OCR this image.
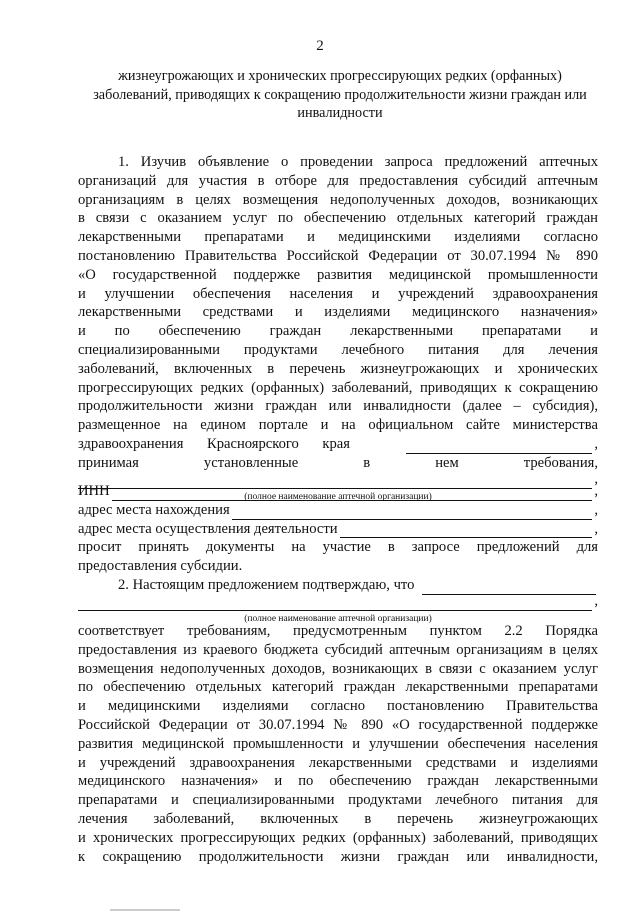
2
жизнеугрожающих и хронических прогрессирующих редких (орфанных)
заболеваний, приводящих к сокращению продолжительности жизни граждан или
инвалидности
1. Изучив объявление о проведении запроса предложений аптечных
организаций для участия в отборе для предоставления субсидий аптечным
организациям в целях возмещения недополученных доходов, возникающих
в связи с оказанием услуг по обеспечению отдельных категорий граждан
лекарственными препаратами и медицинскими изделиями согласно
постановлению Правительства Российской Федерации от 30.07.1994 № 890
«О государственной поддержке развития медицинской промышленности
и улучшении обеспечения населения и учреждений здравоохранения
лекарственными средствами и изделиями медицинского назначения»
и по обеспечению граждан лекарственными препаратами и
специализированными продуктами лечебного питания для лечения
заболеваний, включенных в перечень жизнеугрожающих и хронических
прогрессирующих редких (орфанных) заболеваний, приводящих к сокращению
продолжительности жизни граждан или инвалидности (далее – субсидия),
размещенное на едином портале и на официальном сайте министерства
здравоохранения Красноярского края	,
принимая установленные в нем требования,
,
(полное наименование аптечной организации)
ИНН	,
адрес места нахождения	,
адрес места осуществления деятельности	,
просит принять документы на участие в запросе предложений для
предоставления субсидии.
2. Настоящим предложением подтверждаю, что
,
(полное наименование аптечной организации)
соответствует требованиям, предусмотренным пунктом 2.2 Порядка
предоставления из краевого бюджета субсидий аптечным организациям в целях
возмещения недополученных доходов, возникающих в связи с оказанием услуг
по обеспечению отдельных категорий граждан лекарственными препаратами
и медицинскими изделиями согласно постановлению Правительства
Российской Федерации от 30.07.1994 № 890 «О государственной поддержке
развития медицинской промышленности и улучшении обеспечения населения
и учреждений здравоохранения лекарственными средствами и изделиями
медицинского назначения» и по обеспечению граждан лекарственными
препаратами и специализированными продуктами лечебного питания для
лечения заболеваний, включенных в перечень жизнеугрожающих
и хронических прогрессирующих редких (орфанных) заболеваний, приводящих
к сокращению продолжительности жизни граждан или инвалидности,
